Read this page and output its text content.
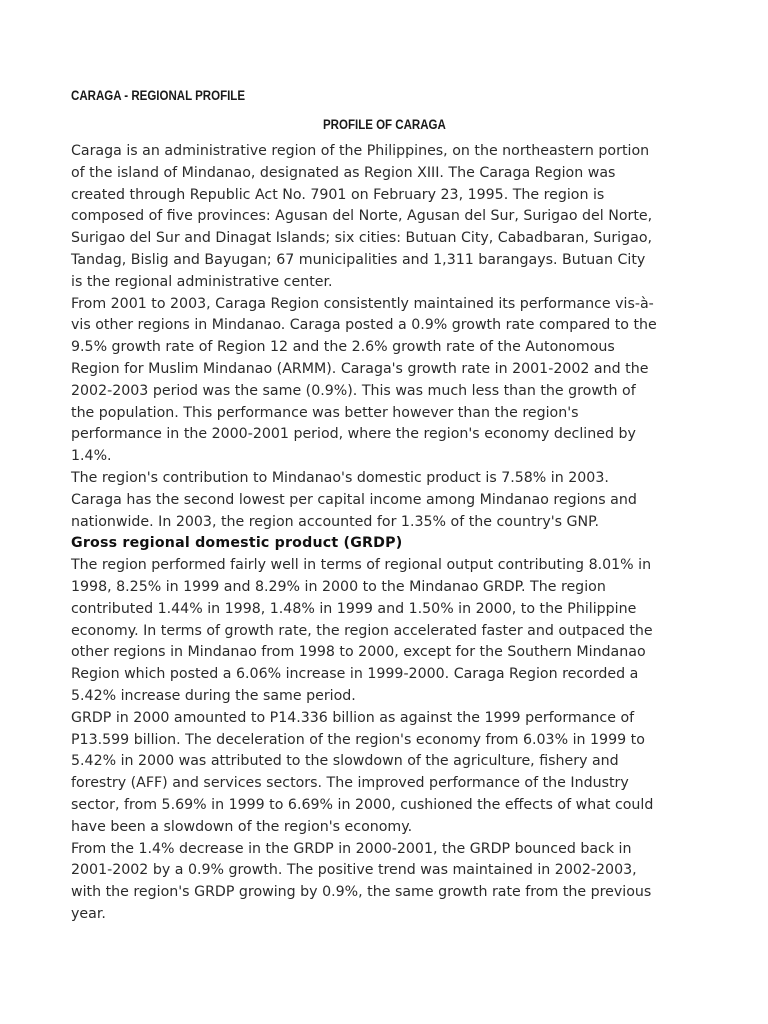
CARAGA - REGIONAL PROFILE
PROFILE OF CARAGA

Caraga is an administrative region of the Philippines, on the northeastern portion
of the island of Mindanao, designated as Region XIII. The Caraga Region was
created through Republic Act No. 7901 on February 23, 1995. The region is
composed of five provinces: Agusan del Norte, Agusan del Sur, Surigao del Norte,
Surigao del Sur and Dinagat Islands; six cities: Butuan City, Cabadbaran, Surigao,
Tandag, Bislig and Bayugan; 67 municipalities and 1,311 barangays. Butuan City
is the regional administrative center.

From 2001 to 2003, Caraga Region consistently maintained its performance vis-à-
vis other regions in Mindanao. Caraga posted a 0.9% growth rate compared to the
9.5% growth rate of Region 12 and the 2.6% growth rate of the Autonomous
Region for Muslim Mindanao (ARMM). Caraga's growth rate in 2001-2002 and the
2002-2003 period was the same (0.9%). This was much less than the growth of
the population. This performance was better however than the region's
performance in the 2000-2001 period, where the region's economy declined by
1.4%.

The region's contribution to Mindanao's domestic product is 7.58% in 2003.
Caraga has the second lowest per capital income among Mindanao regions and
nationwide. In 2003, the region accounted for 1.35% of the country's GNP.

Gross regional domestic product (GRDP)

The region performed fairly well in terms of regional output contributing 8.01% in
1998, 8.25% in 1999 and 8.29% in 2000 to the Mindanao GRDP. The region
contributed 1.44% in 1998, 1.48% in 1999 and 1.50% in 2000, to the Philippine
economy. In terms of growth rate, the region accelerated faster and outpaced the
other regions in Mindanao from 1998 to 2000, except for the Southern Mindanao
Region which posted a 6.06% increase in 1999-2000. Caraga Region recorded a
5.42% increase during the same period.

GRDP in 2000 amounted to P14.336 billion as against the 1999 performance of
P13.599 billion. The deceleration of the region's economy from 6.03% in 1999 to
5.42% in 2000 was attributed to the slowdown of the agriculture, fishery and
forestry (AFF) and services sectors. The improved performance of the Industry
sector, from 5.69% in 1999 to 6.69% in 2000, cushioned the effects of what could
have been a slowdown of the region's economy.

From the 1.4% decrease in the GRDP in 2000-2001, the GRDP bounced back in
2001-2002 by a 0.9% growth. The positive trend was maintained in 2002-2003,
with the region's GRDP growing by 0.9%, the same growth rate from the previous
year.
